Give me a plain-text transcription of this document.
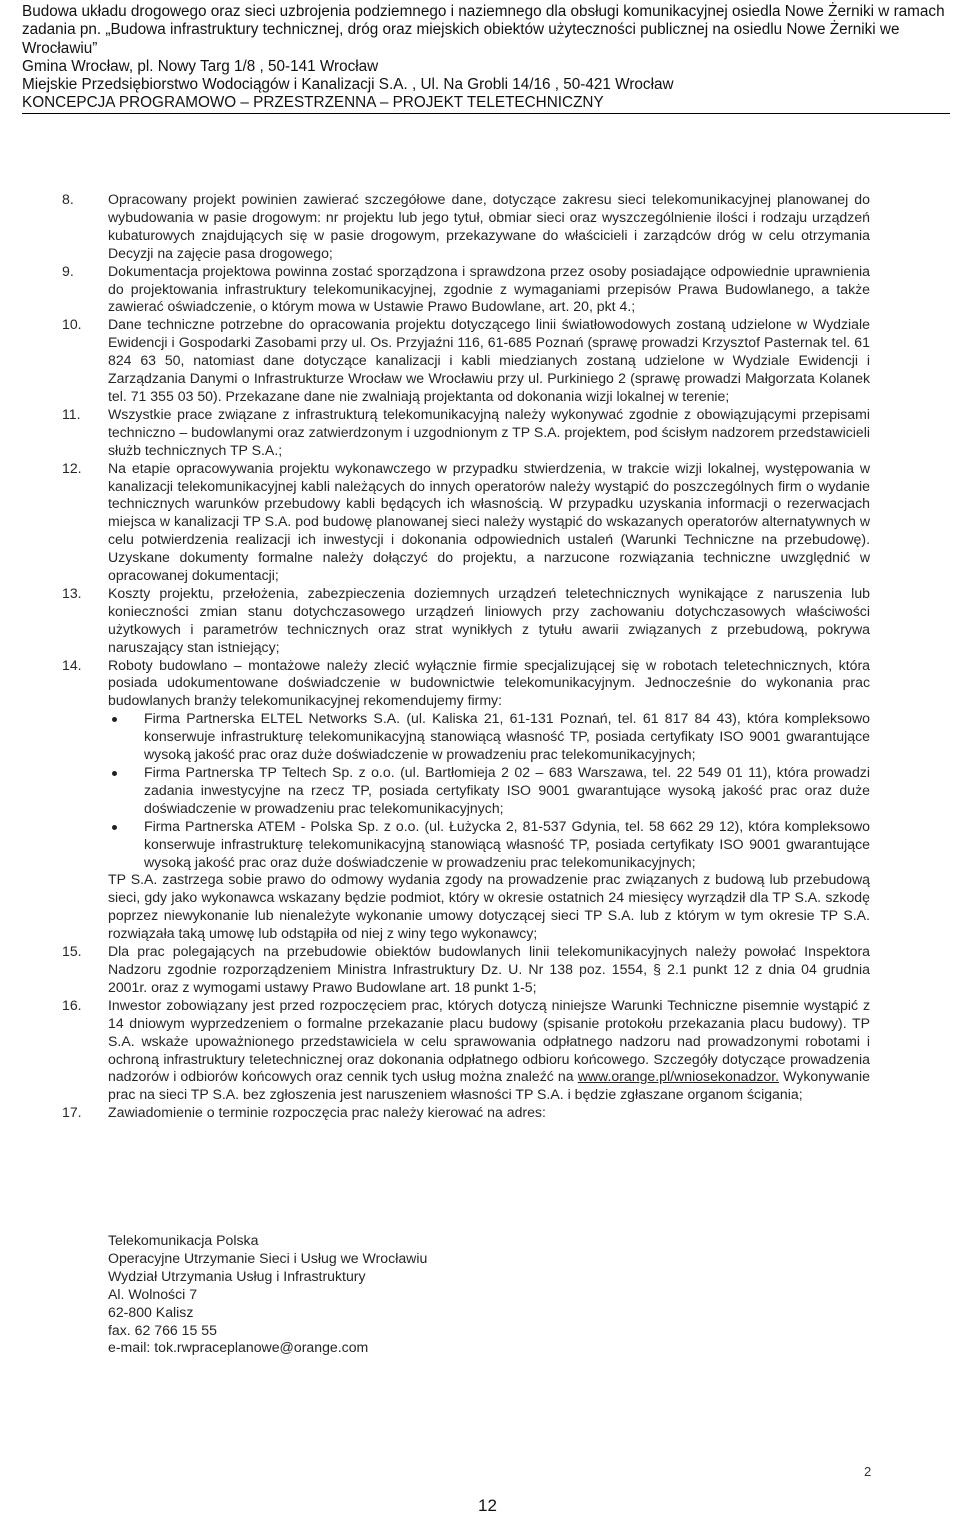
Budowa układu drogowego oraz sieci uzbrojenia podziemnego i naziemnego dla obsługi komunikacyjnej osiedla Nowe Żerniki w ramach zadania pn. „Budowa infrastruktury technicznej, dróg oraz miejskich obiektów użyteczności publicznej na osiedlu Nowe Żerniki we Wrocławiu”
Gmina Wrocław, pl. Nowy Targ 1/8 , 50-141 Wrocław
Miejskie Przedsiębiorstwo Wodociągów i Kanalizacji S.A. , Ul. Na Grobli 14/16 , 50-421 Wrocław
KONCEPCJA PROGRAMOWO – PRZESTRZENNA – PROJEKT TELETECHNICZNY
8.	Opracowany projekt powinien zawierać szczegółowe dane, dotyczące zakresu sieci telekomunikacyjnej planowanej do wybudowania w pasie drogowym: nr projektu lub jego tytuł, obmiar sieci oraz wyszczególnienie ilości i rodzaju urządzeń kubaturowych znajdujących się w pasie drogowym, przekazywane do właścicieli i zarządców dróg w celu otrzymania Decyzji na zajęcie pasa drogowego;
9.	Dokumentacja projektowa powinna zostać sporządzona i sprawdzona przez osoby posiadające odpowiednie uprawnienia do projektowania infrastruktury telekomunikacyjnej, zgodnie z wymaganiami przepisów Prawa Budowlanego, a także zawierać oświadczenie, o którym mowa w Ustawie Prawo Budowlane, art. 20, pkt 4.;
10.	Dane techniczne potrzebne do opracowania projektu dotyczącego linii światłowodowych zostaną udzielone w Wydziale Ewidencji i Gospodarki Zasobami przy ul. Os. Przyjaźni 116, 61-685 Poznań (sprawę prowadzi Krzysztof Pasternak tel. 61 824 63 50, natomiast dane dotyczące kanalizacji i kabli miedzianych zostaną udzielone w Wydziale Ewidencji i Zarządzania Danymi o Infrastrukturze Wrocław we Wrocławiu przy ul. Purkiniego 2 (sprawę prowadzi Małgorzata Kolanek tel. 71 355 03 50). Przekazane dane nie zwalniają projektanta od dokonania wizji lokalnej w terenie;
11.	Wszystkie prace związane z infrastrukturą telekomunikacyjną należy wykonywać zgodnie z obowiązującymi przepisami techniczno – budowlanymi oraz zatwierdzonym i uzgodnionym z TP S.A. projektem, pod ścisłym nadzorem przedstawicieli służb technicznych TP S.A.;
12.	Na etapie opracowywania projektu wykonawczego w przypadku stwierdzenia, w trakcie wizji lokalnej, występowania w kanalizacji telekomunikacyjnej kabli należących do innych operatorów należy wystąpić do poszczególnych firm o wydanie technicznych warunków przebudowy kabli będących ich własnością. W przypadku uzyskania informacji o rezerwacjach miejsca w kanalizacji TP S.A. pod budowę planowanej sieci należy wystąpić do wskazanych operatorów alternatywnych w celu potwierdzenia realizacji ich inwestycji i dokonania odpowiednich ustaleń (Warunki Techniczne na przebudowę). Uzyskane dokumenty formalne należy dołączyć do projektu, a narzucone rozwiązania techniczne uwzględnić w opracowanej dokumentacji;
13.	Koszty projektu, przełożenia, zabezpieczenia doziemnych urządzeń teletechnicznych wynikające z naruszenia lub konieczności zmian stanu dotychczasowego urządzeń liniowych przy zachowaniu dotychczasowych właściwości użytkowych i parametrów technicznych oraz strat wynikłych z tytułu awarii związanych z przebudową, pokrywa naruszający stan istniejący;
14.	Roboty budowlano – montażowe należy zlecić wyłącznie firmie specjalizującej się w robotach teletechnicznych, która posiada udokumentowane doświadczenie w budownictwie telekomunikacyjnym. Jednocześnie do wykonania prac budowlanych branży telekomunikacyjnej rekomendujemy firmy:

Firma Partnerska ELTEL Networks S.A. (ul. Kaliska 21, 61-131 Poznań, tel. 61 817 84 43), która kompleksowo konserwuje infrastrukturę telekomunikacyjną stanowiącą własność TP, posiada certyfikaty ISO 9001 gwarantujące wysoką jakość prac oraz duże doświadczenie w prowadzeniu prac telekomunikacyjnych;
Firma Partnerska TP Teltech Sp. z o.o. (ul. Bartłomieja 2 02 – 683 Warszawa, tel. 22 549 01 11), która prowadzi zadania inwestycyjne na rzecz TP, posiada certyfikaty ISO 9001 gwarantujące wysoką jakość prac oraz duże doświadczenie w prowadzeniu prac telekomunikacyjnych;
Firma Partnerska ATEM - Polska Sp. z o.o. (ul. Łużycka 2, 81-537 Gdynia, tel. 58 662 29 12), która kompleksowo konserwuje infrastrukturę telekomunikacyjną stanowiącą własność TP, posiada certyfikaty ISO 9001 gwarantujące wysoką jakość prac oraz duże doświadczenie w prowadzeniu prac telekomunikacyjnych;

TP S.A. zastrzega sobie prawo do odmowy wydania zgody na prowadzenie prac związanych z budową lub przebudową sieci, gdy jako wykonawca wskazany będzie podmiot, który w okresie ostatnich 24 miesięcy wyrządził dla TP S.A. szkodę poprzez niewykonanie lub nienależyte wykonanie umowy dotyczącej sieci TP S.A. lub z którym w tym okresie TP S.A. rozwiązała taką umowę lub odstąpiła od niej z winy tego wykonawcy;

15.	Dla prac polegających na przebudowie obiektów budowlanych linii telekomunikacyjnych należy powołać Inspektora Nadzoru zgodnie rozporządzeniem Ministra Infrastruktury Dz. U. Nr 138 poz. 1554, § 2.1 punkt 12 z dnia 04 grudnia 2001r. oraz z wymogami ustawy Prawo Budowlane art. 18 punkt 1-5;
16.	Inwestor zobowiązany jest przed rozpoczęciem prac, których dotyczą niniejsze Warunki Techniczne pisemnie wystąpić z 14 dniowym wyprzedzeniem o formalne przekazanie placu budowy (spisanie protokołu przekazania placu budowy). TP S.A. wskaże upoważnionego przedstawiciela w celu sprawowania odpłatnego nadzoru nad prowadzonymi robotami i ochroną infrastruktury teletechnicznej oraz dokonania odpłatnego odbioru końcowego. Szczegóły dotyczące prowadzenia nadzorów i odbiorów końcowych oraz cennik tych usług można znaleźć na www.orange.pl/wniosekonadzor. Wykonywanie prac na sieci TP S.A. bez zgłoszenia jest naruszeniem własności TP S.A. i będzie zgłaszane organom ścigania;
17.	Zawiadomienie o terminie rozpoczęcia prac należy kierować na adres:
Telekomunikacja Polska
Operacyjne Utrzymanie Sieci i Usług we Wrocławiu
Wydział Utrzymania Usług i Infrastruktury
Al. Wolności 7
62-800 Kalisz
fax. 62 766 15 55
e-mail: tok.rwpraceplanowe@orange.com
2
12
